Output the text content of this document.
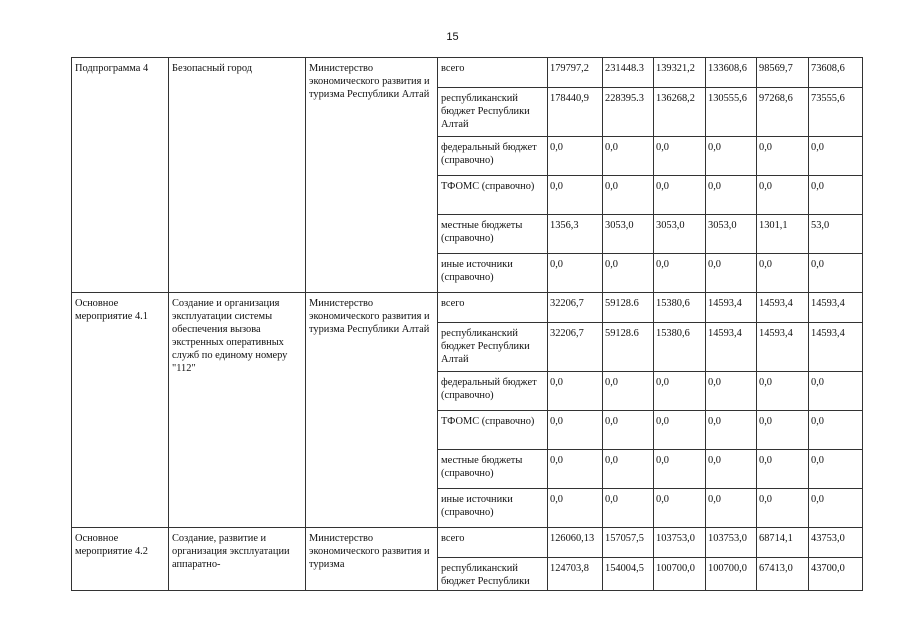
15
Подпрограмма 4	Безопасный город	Министерство экономического развития и туризма Республики Алтай	всего	179797,2	231448.3	139321,2	133608,6	98569,7	73608,6
			республиканский бюджет Республики Алтай	178440,9	228395.3	136268,2	130555,6	97268,6	73555,6
			федеральный бюджет (справочно)	0,0	0,0	0,0	0,0	0,0	0,0
			ТФОМС (справочно)	0,0	0,0	0,0	0,0	0,0	0,0
			местные бюджеты (справочно)	1356,3	3053,0	3053,0	3053,0	1301,1	53,0
			иные источники (справочно)	0,0	0,0	0,0	0,0	0,0	0,0
Основное мероприятие 4.1	Создание и организация эксплуатации системы обеспечения вызова экстренных оперативных служб по единому номеру "112"	Министерство экономического развития и туризма Республики Алтай	всего	32206,7	59128.6	15380,6	14593,4	14593,4	14593,4
			республиканский бюджет Республики Алтай	32206,7	59128.6	15380,6	14593,4	14593,4	14593,4
			федеральный бюджет (справочно)	0,0	0,0	0,0	0,0	0,0	0,0
			ТФОМС (справочно)	0,0	0,0	0,0	0,0	0,0	0,0
			местные бюджеты (справочно)	0,0	0,0	0,0	0,0	0,0	0,0
			иные источники (справочно)	0,0	0,0	0,0	0,0	0,0	0,0
Основное мероприятие 4.2	Создание, развитие и организация эксплуатации аппаратно-	Министерство экономического развития и туризма	всего	126060,13	157057,5	103753,0	103753,0	68714,1	43753,0
			республиканский бюджет Республики	124703,8	154004,5	100700,0	100700,0	67413,0	43700,0
